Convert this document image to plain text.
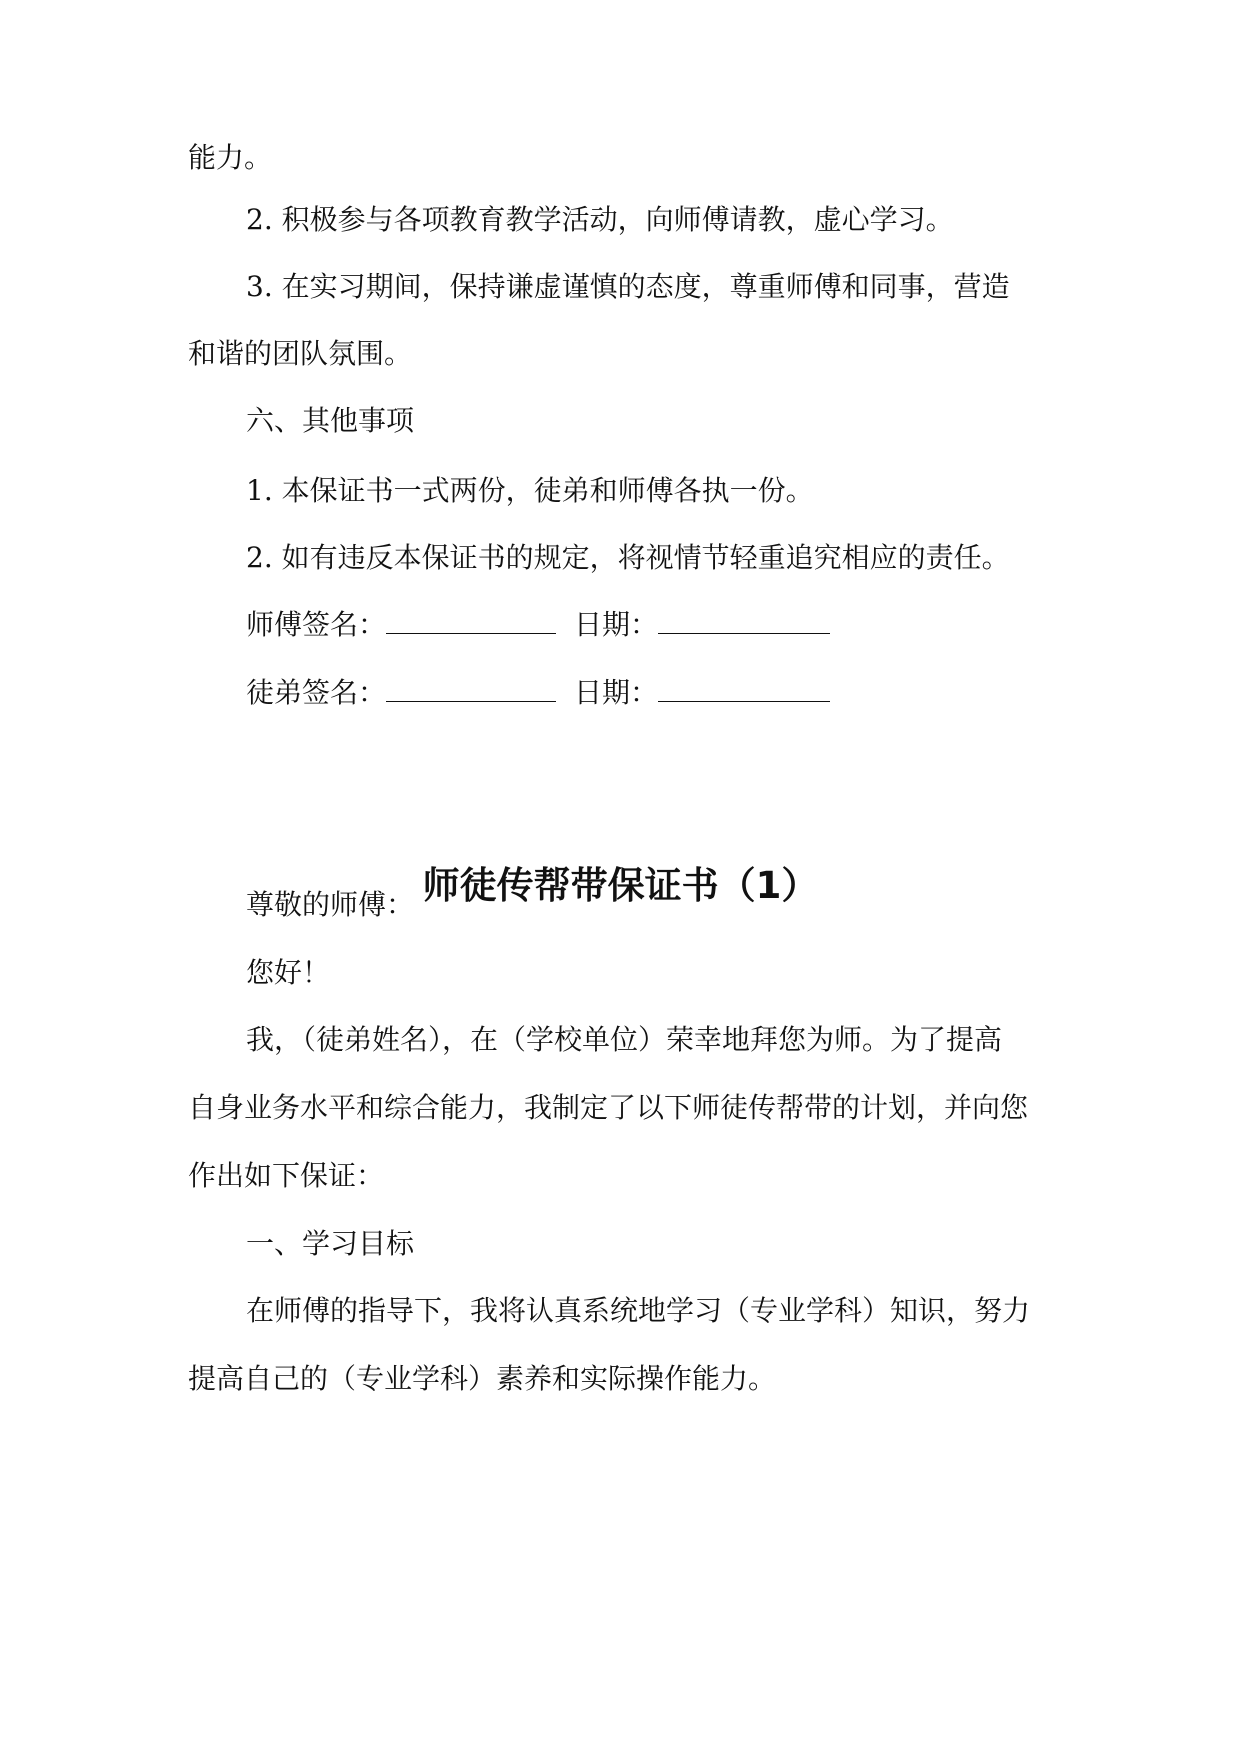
能力。
2. 积极参与各项教育教学活动，向师傅请教，虚心学习。
3. 在实习期间，保持谦虚谨慎的态度，尊重师傅和同事，营造
和谐的团队氛围。
六、其他事项
1. 本保证书一式两份，徒弟和师傅各执一份。
2. 如有违反本保证书的规定，将视情节轻重追究相应的责任。
师傅签名：	日期：
徒弟签名：	日期：
师徒传帮带保证书（1）
尊敬的师傅：
您好！
我，（徒弟姓名），在（学校单位）荣幸地拜您为师。为了提高
自身业务水平和综合能力，我制定了以下师徒传帮带的计划，并向您
作出如下保证：
一、学习目标
在师傅的指导下，我将认真系统地学习（专业学科）知识，努力
提高自己的（专业学科）素养和实际操作能力。
